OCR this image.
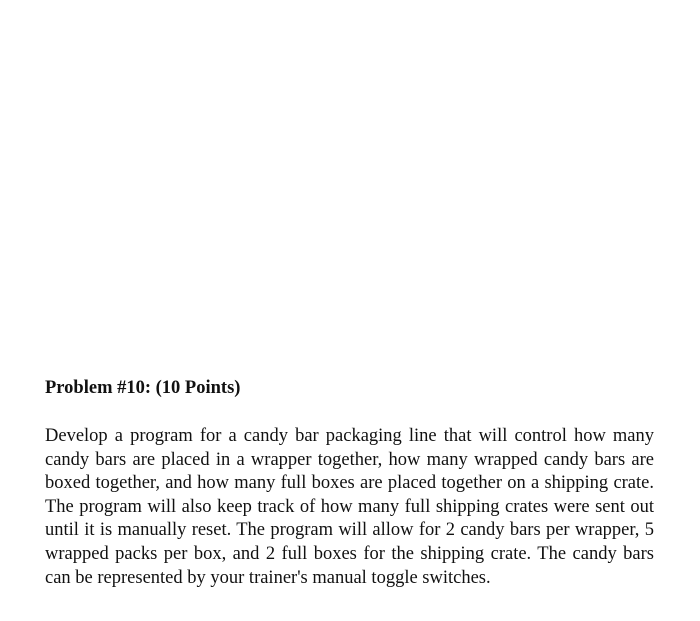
Problem #10: (10 Points)

Develop a program for a candy bar packaging line that will control how many candy bars are placed in a wrapper together, how many wrapped candy bars are boxed together, and how many full boxes are placed together on a shipping crate. The program will also keep track of how many full shipping crates were sent out until it is manually reset. The program will allow for 2 candy bars per wrapper, 5 wrapped packs per box, and 2 full boxes for the shipping crate. The candy bars can be represented by your trainer's manual toggle switches.
